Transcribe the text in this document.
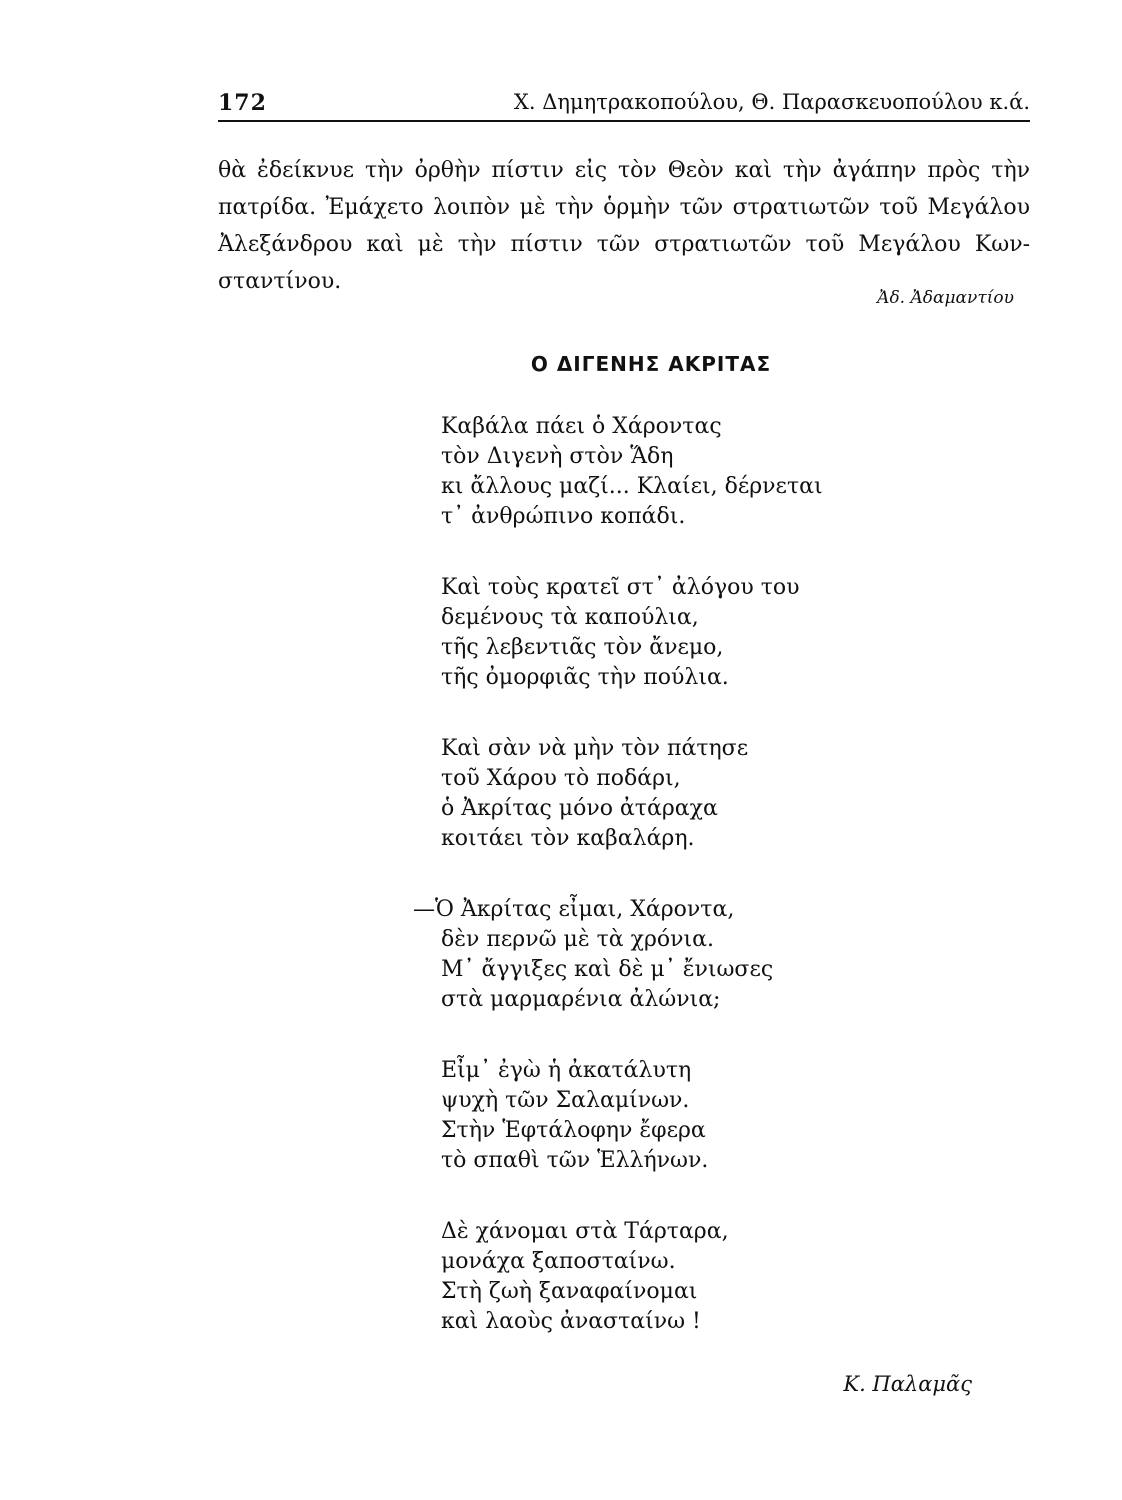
172	Χ. Δημητρακοπούλου, Θ. Παρασκευοπούλου κ.ά.
θὰ ἐδείκνυε τὴν ὀρθὴν πίστιν εἰς τὸν Θεὸν καὶ τὴν ἀγάπην πρὸς τὴν
πατρίδα. Ἐμάχετο λοιπὸν μὲ τὴν ὁρμὴν τῶν στρατιωτῶν τοῦ Μεγάλου
Ἀλεξάνδρου καὶ μὲ τὴν πίστιν τῶν στρατιωτῶν τοῦ Μεγάλου Κων-
σταντίνου.
Ἀδ. Ἀδαμαντίου
Ο ΔΙΓΕΝΗΣ ΑΚΡΙΤΑΣ
Καβάλα πάει ὁ Χάροντας
τὸν Διγενὴ στὸν Ἅδη
κι ἄλλους μαζί... Κλαίει, δέρνεται
τ᾿ ἀνθρώπινο κοπάδι.
Καὶ τοὺς κρατεῖ στ᾿ ἀλόγου του
δεμένους τὰ καπούλια,
τῆς λεβεντιᾶς τὸν ἄνεμο,
τῆς ὀμορφιᾶς τὴν πούλια.
Καὶ σὰν νὰ μὴν τὸν πάτησε
τοῦ Χάρου τὸ ποδάρι,
ὁ Ἀκρίτας μόνο ἀτάραχα
κοιτάει τὸν καβαλάρη.
—Ὁ Ἀκρίτας εἶμαι, Χάροντα,
δὲν περνῶ μὲ τὰ χρόνια.
Μ᾿ ἄγγιξες καὶ δὲ μ᾿ ἔνιωσες
στὰ μαρμαρένια ἀλώνια;
Εἶμ᾿ ἐγὼ ἡ ἀκατάλυτη
ψυχὴ τῶν Σαλαμίνων.
Στὴν Ἑφτάλοφην ἔφερα
τὸ σπαθὶ τῶν Ἑλλήνων.
Δὲ χάνομαι στὰ Τάρταρα,
μονάχα ξαποσταίνω.
Στὴ ζωὴ ξαναφαίνομαι
καὶ λαοὺς ἀνασταίνω !
Κ. Παλαμᾶς
